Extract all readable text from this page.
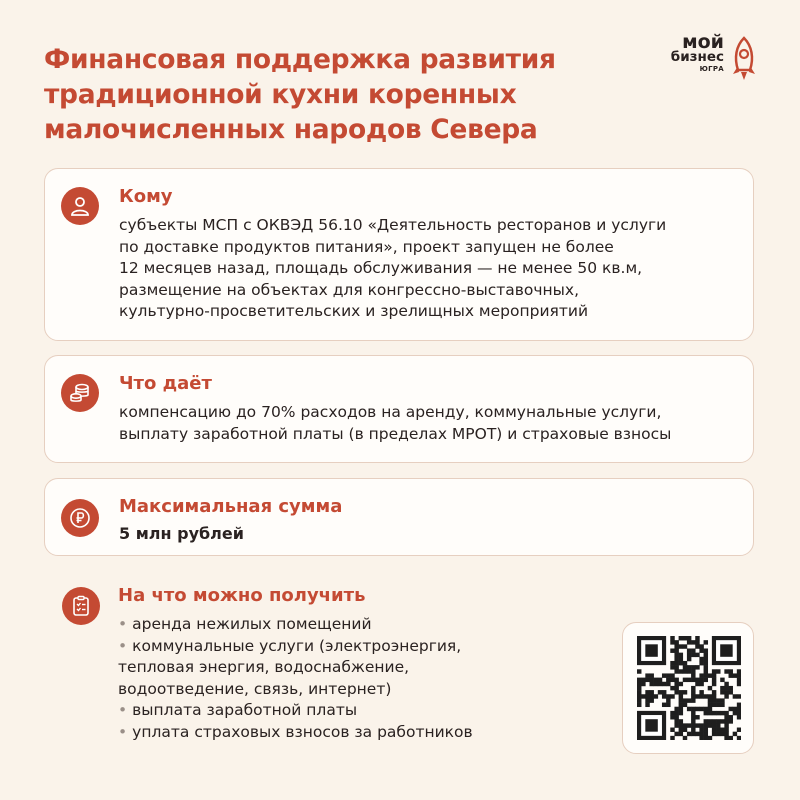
Финансовая поддержка развития
традиционной кухни коренных
малочисленных народов Севера
мой
бизнес
ЮГРА
Кому
субъекты МСП с ОКВЭД 56.10 «Деятельность ресторанов и услуги
по доставке продуктов питания», проект запущен не более
12 месяцев назад, площадь обслуживания — не менее 50 кв.м,
размещение на объектах для конгрессно-выставочных,
культурно-просветительских и зрелищных мероприятий
Что даёт
компенсацию до 70% расходов на аренду, коммунальные услуги,
выплату заработной платы (в пределах МРОТ) и страховые взносы
Максимальная сумма
5 млн рублей
На что можно получить
• аренда нежилых помещений
• коммунальные услуги (электроэнергия,
тепловая энергия, водоснабжение,
водоотведение, связь, интернет)
• выплата заработной платы
• уплата страховых взносов за работников
